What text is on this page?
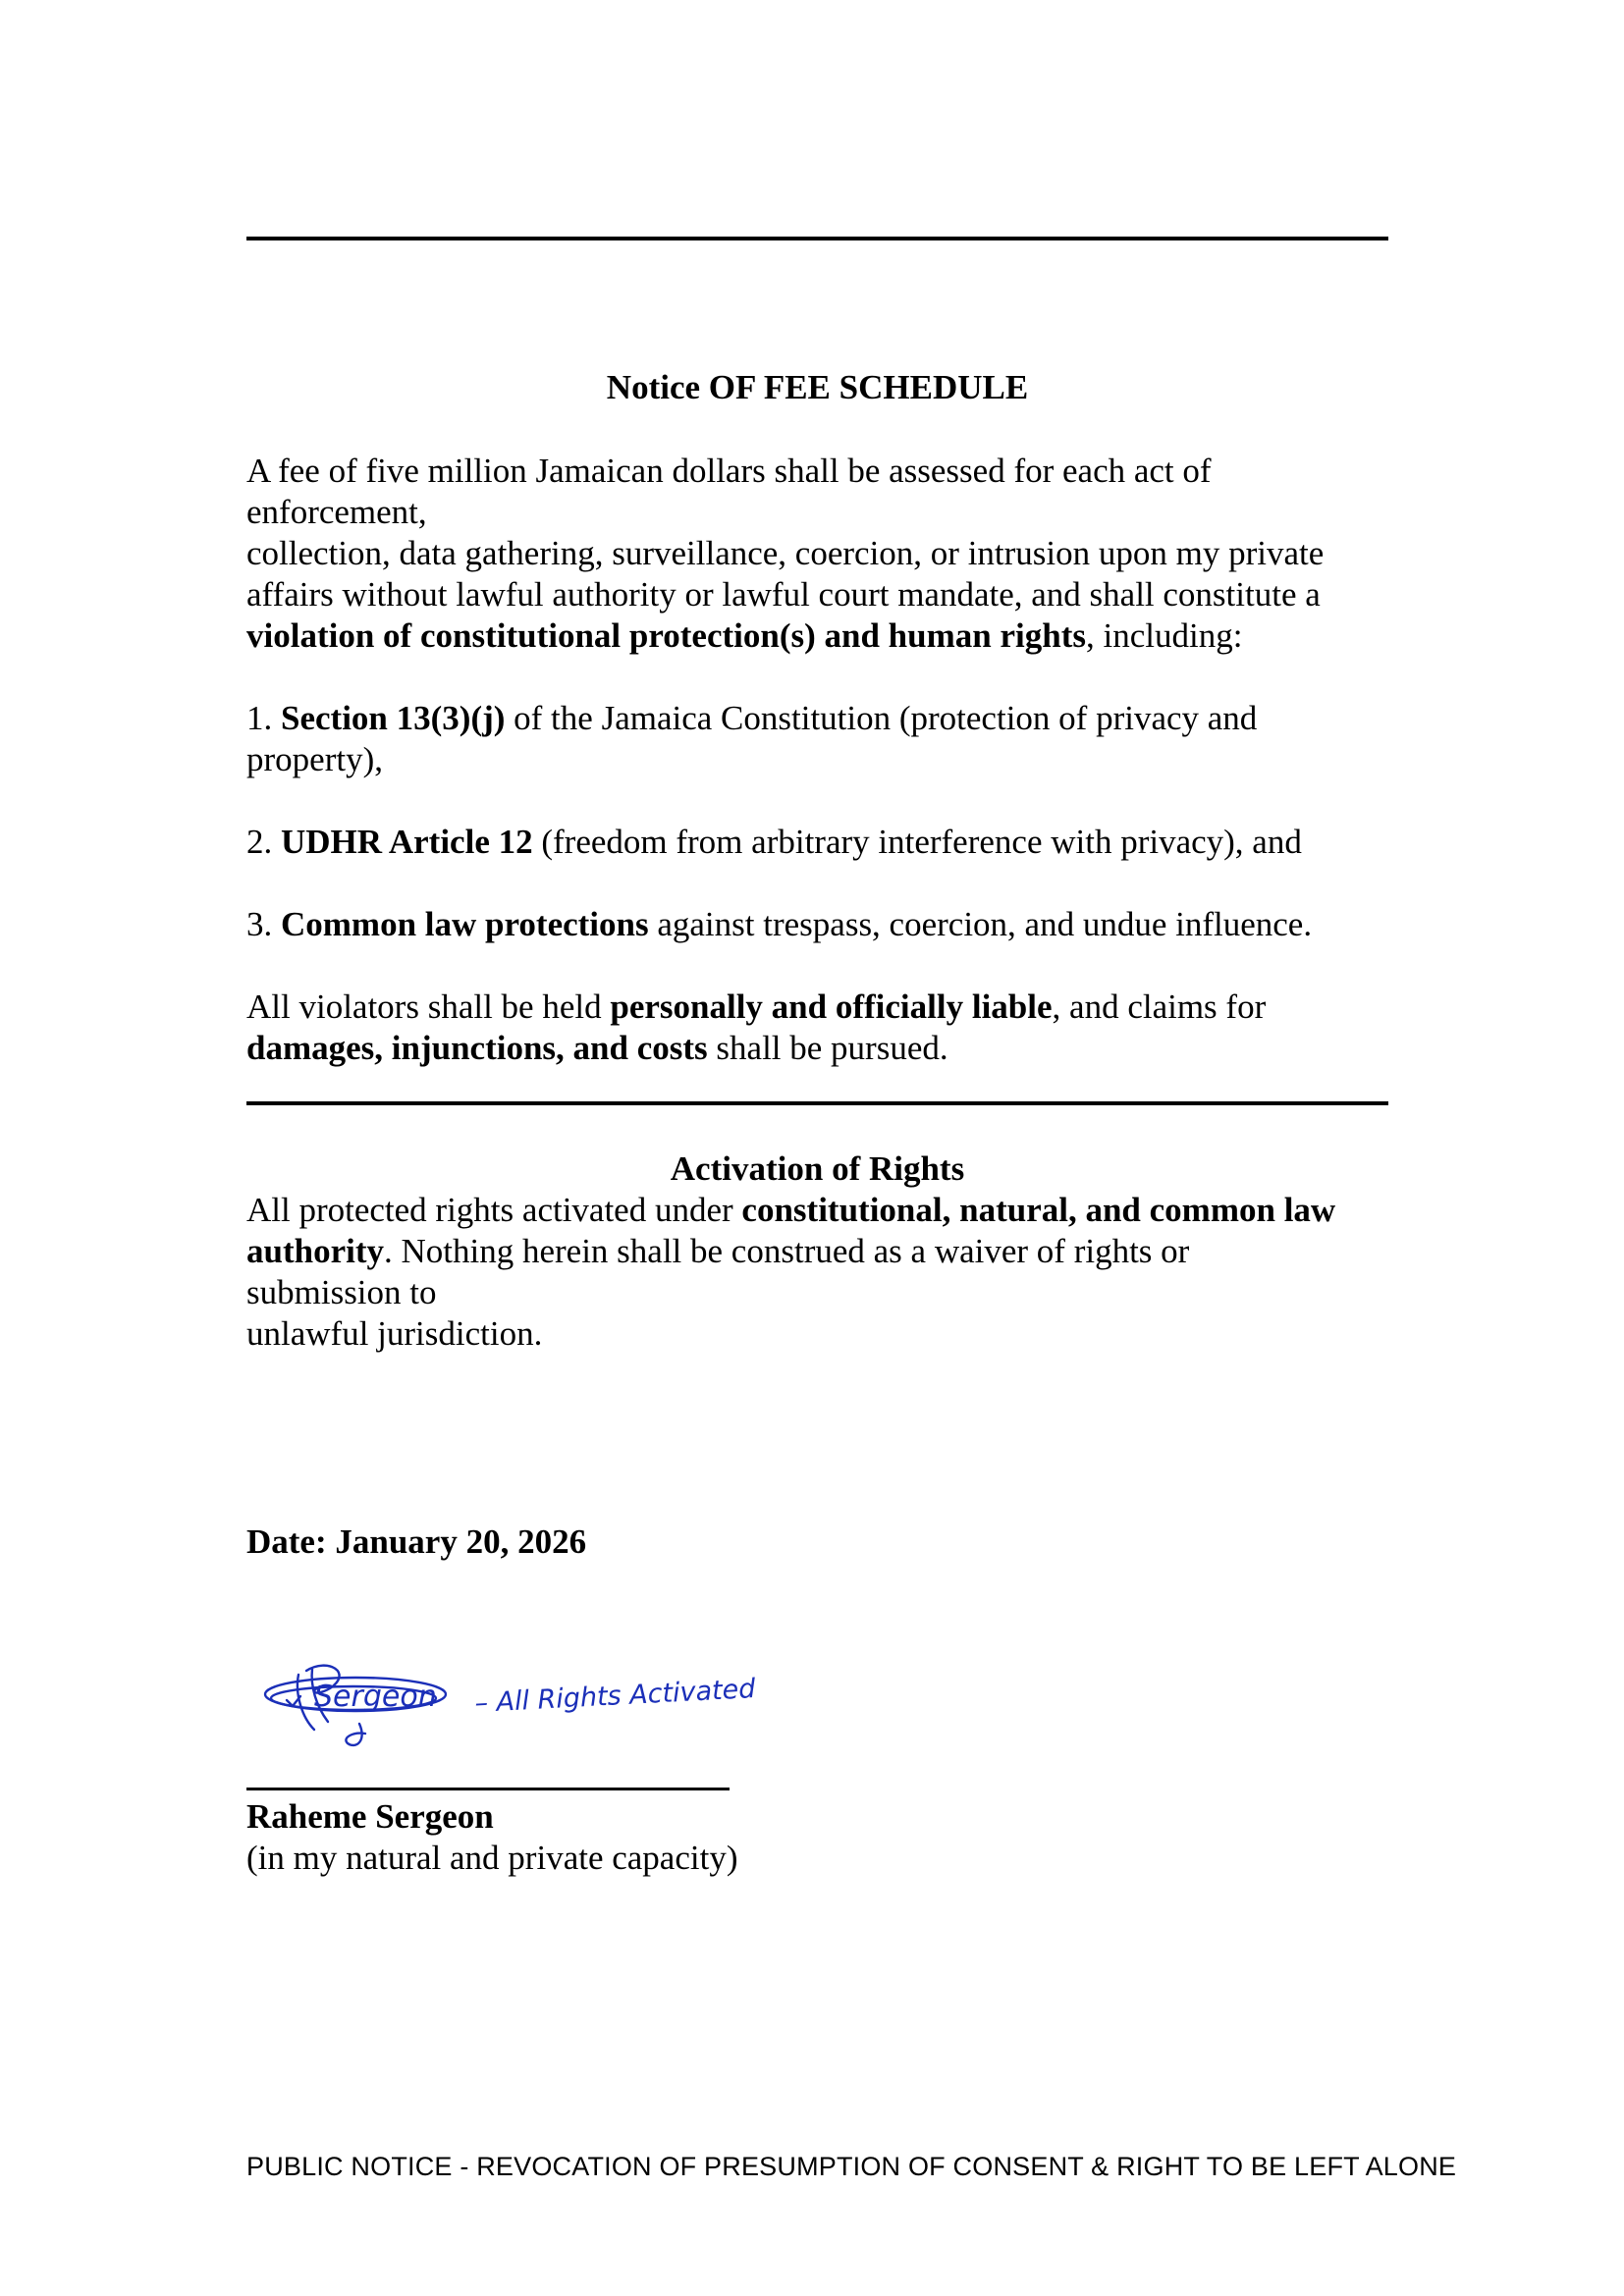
Notice OF FEE SCHEDULE

A fee of five million Jamaican dollars shall be assessed for each act of
enforcement,
collection, data gathering, surveillance, coercion, or intrusion upon my private
affairs without lawful authority or lawful court mandate, and shall constitute a
violation of constitutional protection(s) and human rights, including:

1. Section 13(3)(j) of the Jamaica Constitution (protection of privacy and
property),

2. UDHR Article 12 (freedom from arbitrary interference with privacy), and

3. Common law protections against trespass, coercion, and undue influence.

All violators shall be held personally and officially liable, and claims for
damages, injunctions, and costs shall be pursued.

Activation of Rights

All protected rights activated under constitutional, natural, and common law
authority. Nothing herein shall be construed as a waiver of rights or
submission to
unlawful jurisdiction.

Date: January 20, 2026

Sergeon – All Rights Activated

Raheme Sergeon

(in my natural and private capacity)

PUBLIC NOTICE - REVOCATION OF PRESUMPTION OF CONSENT & RIGHT TO BE LEFT ALONE
